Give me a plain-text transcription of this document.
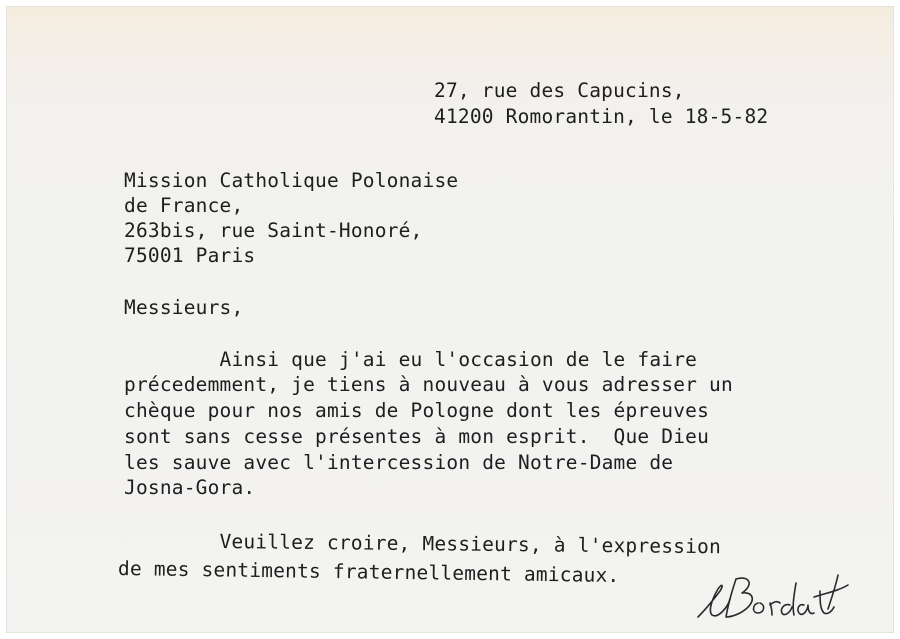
27, rue des Capucins,
41200 Romorantin, le 18-5-82
Mission Catholique Polonaise
de France,
263bis, rue Saint-Honoré,
75001 Paris
Messieurs,
Ainsi que j'ai eu l'occasion de le faire
précedemment, je tiens à nouveau à vous adresser un
chèque pour nos amis de Pologne dont les épreuves
sont sans cesse présentes à mon esprit.  Que Dieu
les sauve avec l'intercession de Notre-Dame de
Josna-Gora.
Veuillez croire, Messieurs, à l'expression
de mes sentiments fraternellement amicaux.
